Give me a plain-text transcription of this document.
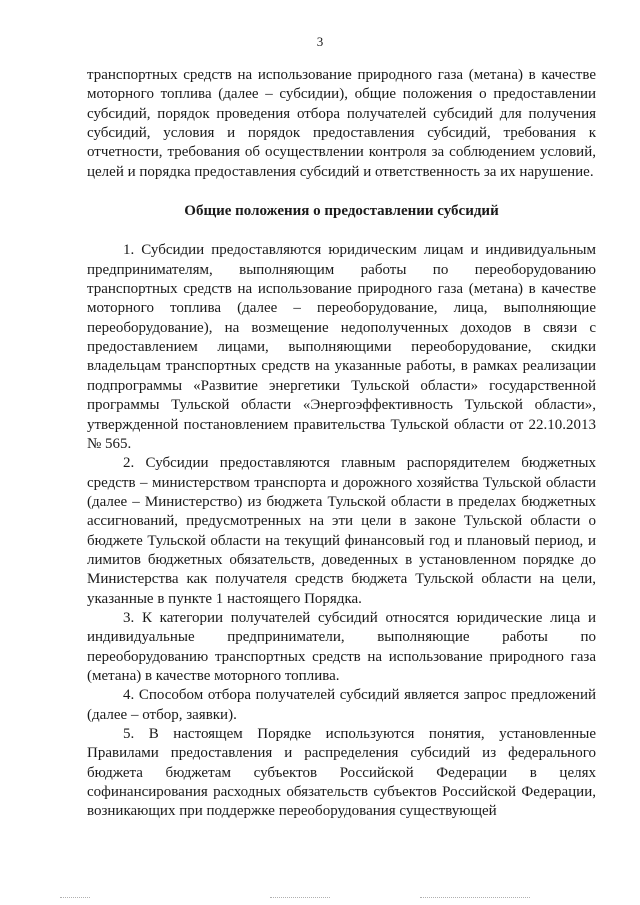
3

транспортных средств на использование природного газа (метана) в качестве моторного топлива (далее – субсидии), общие положения о предоставлении субсидий, порядок проведения отбора получателей субсидий для получения субсидий, условия и порядок предоставления субсидий, требования к отчетности, требования об осуществлении контроля за соблюдением условий, целей и порядка предоставления субсидий и ответственность за их нарушение.

Общие положения о предоставлении субсидий

1. Субсидии предоставляются юридическим лицам и индивидуальным предпринимателям, выполняющим работы по переоборудованию транспортных средств на использование природного газа (метана) в качестве моторного топлива (далее – переоборудование, лица, выполняющие переоборудование), на возмещение недополученных доходов в связи с предоставлением лицами, выполняющими переоборудование, скидки владельцам транспортных средств на указанные работы, в рамках реализации подпрограммы «Развитие энергетики Тульской области» государственной программы Тульской области «Энергоэффективность Тульской области», утвержденной постановлением правительства Тульской области от 22.10.2013 № 565.

2. Субсидии предоставляются главным распорядителем бюджетных средств – министерством транспорта и дорожного хозяйства Тульской области (далее – Министерство) из бюджета Тульской области в пределах бюджетных ассигнований, предусмотренных на эти цели в законе Тульской области о бюджете Тульской области на текущий финансовый год и плановый период, и лимитов бюджетных обязательств, доведенных в установленном порядке до Министерства как получателя средств бюджета Тульской области на цели, указанные в пункте 1 настоящего Порядка.

3. К категории получателей субсидий относятся юридические лица и индивидуальные предприниматели, выполняющие работы по переоборудованию транспортных средств на использование природного газа (метана) в качестве моторного топлива.

4. Способом отбора получателей субсидий является запрос предложений (далее – отбор, заявки).

5. В настоящем Порядке используются понятия, установленные Правилами предоставления и распределения субсидий из федерального бюджета бюджетам субъектов Российской Федерации в целях софинансирования расходных обязательств субъектов Российской Федерации, возникающих при поддержке переоборудования существующей
